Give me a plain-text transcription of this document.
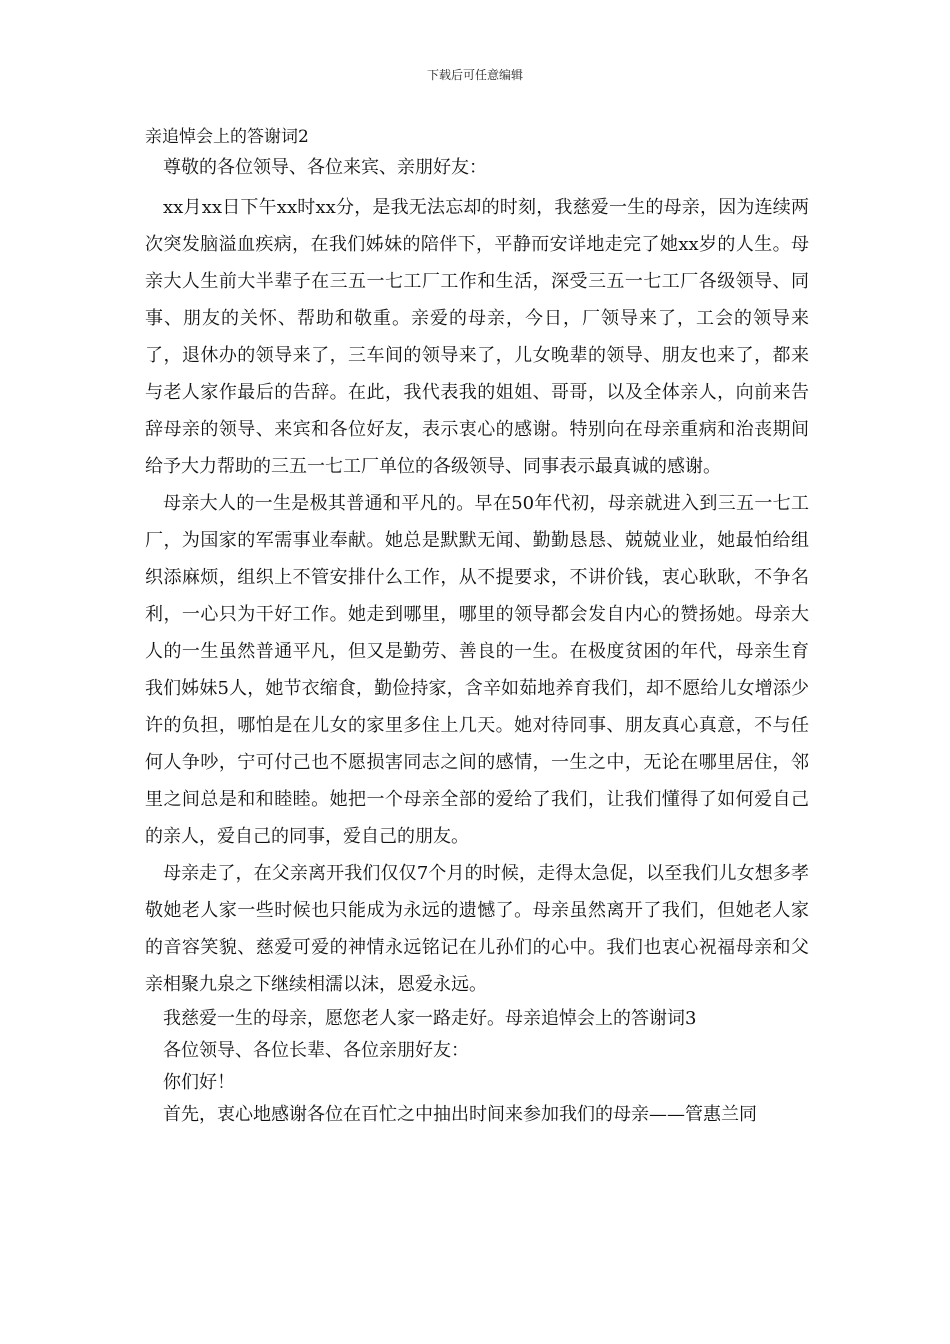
下载后可任意编辑

亲追悼会上的答谢词2

尊敬的各位领导、各位来宾、亲朋好友：

xx月xx日下午xx时xx分，是我无法忘却的时刻，我慈爱一生的母亲，因为连续两次突发脑溢血疾病，在我们姊妹的陪伴下，平静而安详地走完了她xx岁的人生。母亲大人生前大半辈子在三五一七工厂工作和生活，深受三五一七工厂各级领导、同事、朋友的关怀、帮助和敬重。亲爱的母亲，今日，厂领导来了，工会的领导来了，退休办的领导来了，三车间的领导来了，儿女晚辈的领导、朋友也来了，都来与老人家作最后的告辞。在此，我代表我的姐姐、哥哥，以及全体亲人，向前来告辞母亲的领导、来宾和各位好友，表示衷心的感谢。特别向在母亲重病和治丧期间给予大力帮助的三五一七工厂单位的各级领导、同事表示最真诚的感谢。

母亲大人的一生是极其普通和平凡的。早在50年代初，母亲就进入到三五一七工厂，为国家的军需事业奉献。她总是默默无闻、勤勤恳恳、兢兢业业，她最怕给组织添麻烦，组织上不管安排什么工作，从不提要求，不讲价钱，衷心耿耿，不争名利，一心只为干好工作。她走到哪里，哪里的领导都会发自内心的赞扬她。母亲大人的一生虽然普通平凡，但又是勤劳、善良的一生。在极度贫困的年代，母亲生育我们姊妹5人，她节衣缩食，勤俭持家，含辛如茹地养育我们，却不愿给儿女增添少许的负担，哪怕是在儿女的家里多住上几天。她对待同事、朋友真心真意，不与任何人争吵，宁可付己也不愿损害同志之间的感情，一生之中，无论在哪里居住，邻里之间总是和和睦睦。她把一个母亲全部的爱给了我们，让我们懂得了如何爱自己的亲人，爱自己的同事，爱自己的朋友。

母亲走了，在父亲离开我们仅仅7个月的时候，走得太急促，以至我们儿女想多孝敬她老人家一些时候也只能成为永远的遗憾了。母亲虽然离开了我们，但她老人家的音容笑貌、慈爱可爱的神情永远铭记在儿孙们的心中。我们也衷心祝福母亲和父亲相聚九泉之下继续相濡以沫，恩爱永远。

我慈爱一生的母亲，愿您老人家一路走好。母亲追悼会上的答谢词3

各位领导、各位长辈、各位亲朋好友：

你们好！

首先，衷心地感谢各位在百忙之中抽出时间来参加我们的母亲——管惠兰同
